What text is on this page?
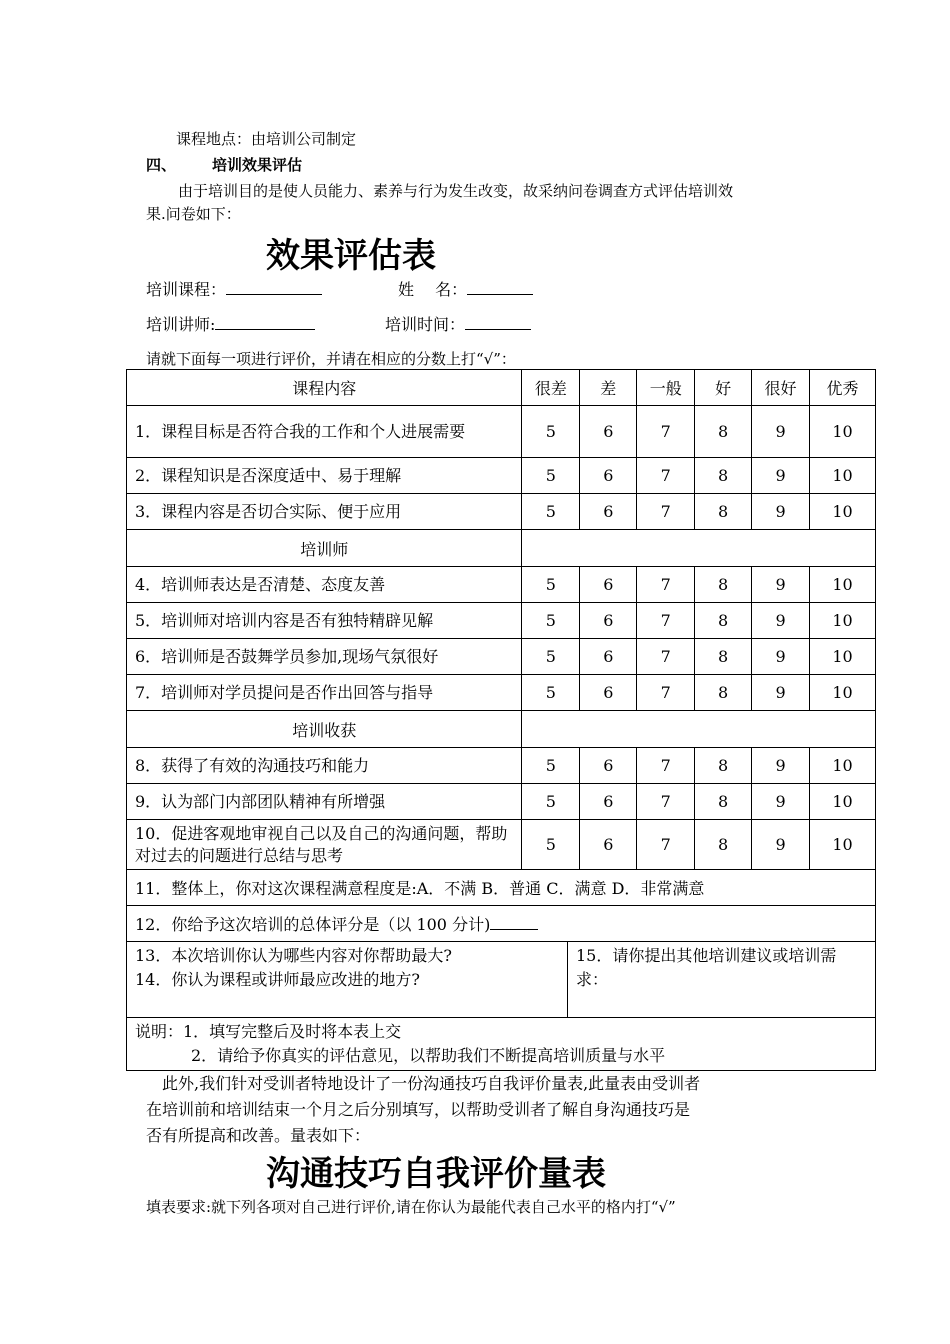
课程地点：由培训公司制定
四、 培训效果评估
由于培训目的是使人员能力、素养与行为发生改变，故采纳问卷调查方式评估培训效
果.问卷如下：
效果评估表
培训课程：	姓　 名：
培训讲师:	培训时间：
请就下面每一项进行评价，并请在相应的分数上打“√”：
课程内容	很差	差	一般	好	很好	优秀
1．课程目标是否符合我的工作和个人进展需要	5	6	7	8	9	10
2．课程知识是否深度适中、易于理解	5	6	7	8	9	10
3．课程内容是否切合实际、便于应用	5	6	7	8	9	10
培训师	
4．培训师表达是否清楚、态度友善	5	6	7	8	9	10
5．培训师对培训内容是否有独特精辟见解	5	6	7	8	9	10
6．培训师是否鼓舞学员参加,现场气氛很好	5	6	7	8	9	10
7．培训师对学员提问是否作出回答与指导	5	6	7	8	9	10
培训收获	
8．获得了有效的沟通技巧和能力	5	6	7	8	9	10
9．认为部门内部团队精神有所增强	5	6	7	8	9	10
10．促进客观地审视自己以及自己的沟通问题，帮助对过去的问题进行总结与思考	5	6	7	8	9	10
11．整体上，你对这次课程满意程度是:A．不满 B．普通 C．满意 D．非常满意
12．你给予这次培训的总体评分是（以 100 分计)

13．本次培训你认为哪些内容对你帮助最大?
14．你认为课程或讲师最应改进的地方?
	15．请你提出其他培训建议或培训需求：

说明：1．填写完整后及时将本表上交
2．请给予你真实的评估意见，以帮助我们不断提高培训质量与水平
此外,我们针对受训者特地设计了一份沟通技巧自我评价量表,此量表由受训者
在培训前和培训结束一个月之后分别填写，以帮助受训者了解自身沟通技巧是
否有所提高和改善。量表如下：
沟通技巧自我评价量表
填表要求:就下列各项对自己进行评价,请在你认为最能代表自己水平的格内打“√”
